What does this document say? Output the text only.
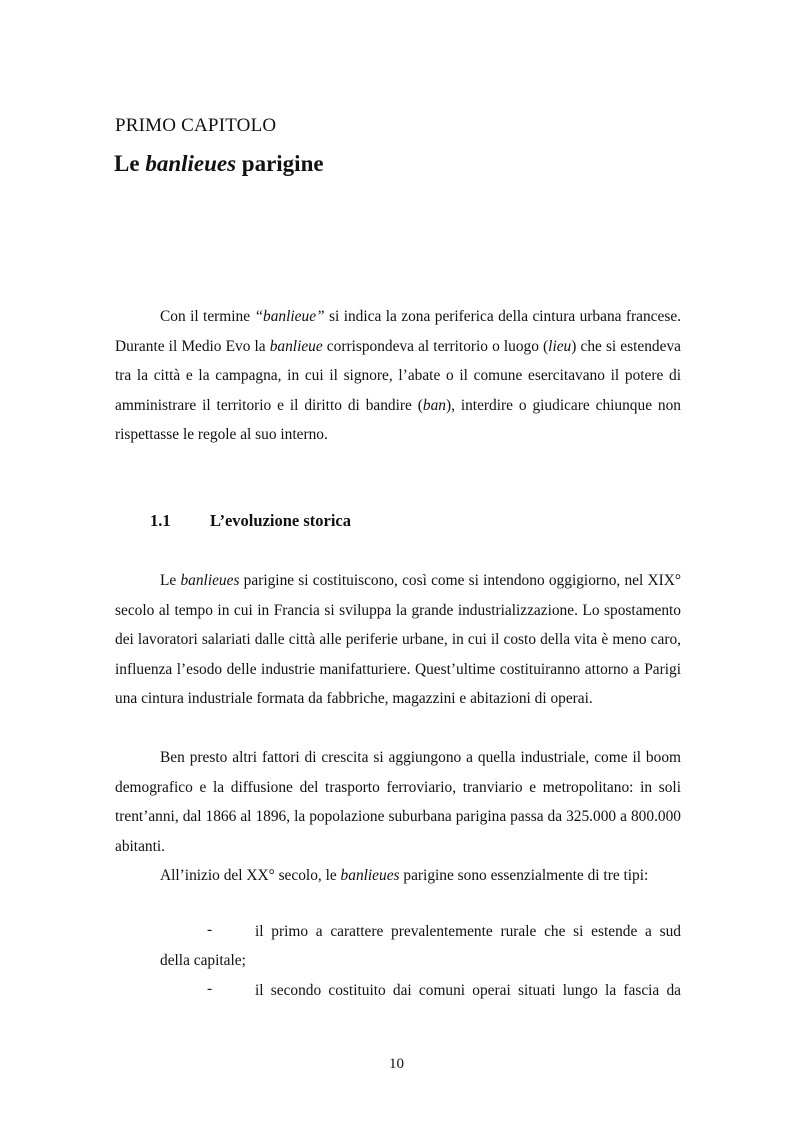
PRIMO CAPITOLO
Le banlieues parigine
Con il termine “banlieue” si indica la zona periferica della cintura urbana francese. Durante il Medio Evo la banlieue corrispondeva al territorio o luogo (lieu) che si estendeva tra la città e la campagna, in cui il signore, l’abate o il comune esercitavano il potere di amministrare il territorio e il diritto di bandire (ban), interdire o giudicare chiunque non rispettasse le regole al suo interno.
1.1 L’evoluzione storica
Le banlieues parigine si costituiscono, così come si intendono oggigiorno, nel XIX° secolo al tempo in cui in Francia si sviluppa la grande industrializzazione. Lo spostamento dei lavoratori salariati dalle città alle periferie urbane, in cui il costo della vita è meno caro, influenza l’esodo delle industrie manifatturiere. Quest’ultime costituiranno attorno a Parigi una cintura industriale formata da fabbriche, magazzini e abitazioni di operai.
Ben presto altri fattori di crescita si aggiungono a quella industriale, come il boom demografico e la diffusione del trasporto ferroviario, tranviario e metropolitano: in soli trent’anni, dal 1866 al 1896, la popolazione suburbana parigina passa da 325.000 a 800.000 abitanti.
All’inizio del XX° secolo, le banlieues parigine sono essenzialmente di tre tipi:
-	il primo a carattere prevalentemente rurale che si estende a sud
della capitale;
-	il secondo costituito dai comuni operai situati lungo la fascia da
10
